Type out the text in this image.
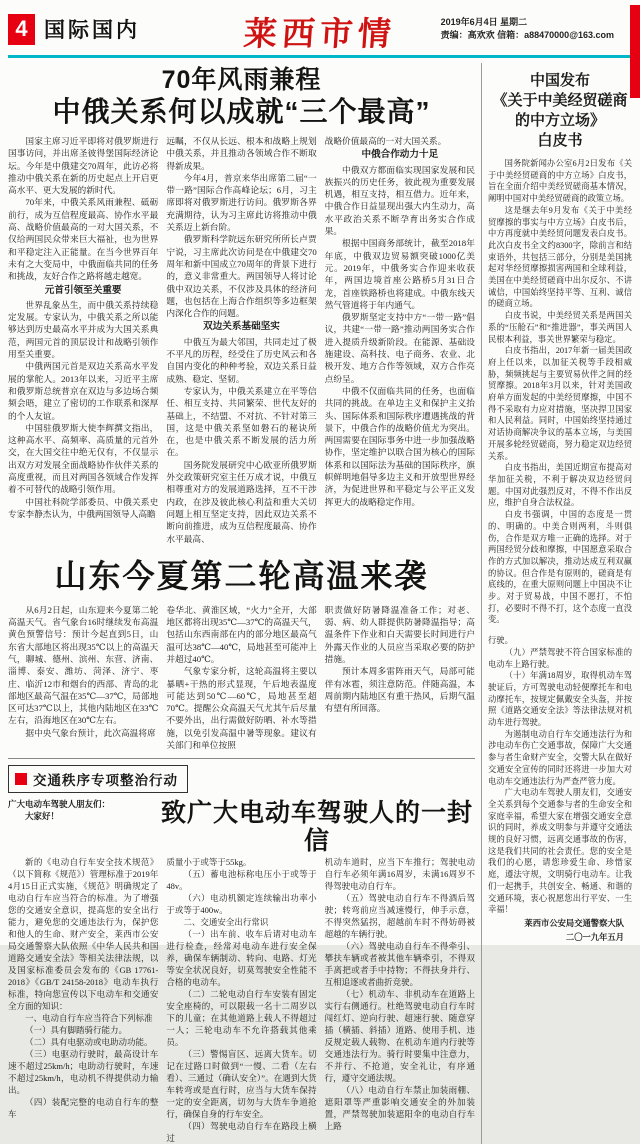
4 国际国内	莱西市情	2019年6月4日 星期二
责编：高欢欢 信箱：a88470000@163.com
70年风雨兼程
中俄关系何以成就“三个最高”

国家主席习近平即将对俄罗斯进行国事访问，并出席圣彼得堡国际经济论坛。今年是中俄建交70周年，此访必将推动中俄关系在新的历史起点上开启更高水平、更大发展的新时代。

70年来，中俄关系风雨兼程、砥砺前行，成为互信程度最高、协作水平最高、战略价值最高的一对大国关系，不仅给两国民众带来巨大福祉，也为世界和平稳定注入正能量。在当今世界百年未有之大变局中，中俄面临共同的任务和挑战，友好合作之路将越走越宽。

元首引领至关重要

世界乱象丛生，而中俄关系持续稳定发展。专家认为，中俄关系之所以能够达到历史最高水平并成为大国关系典范，两国元首的顶层设计和战略引领作用至关重要。

中俄两国元首是双边关系高水平发展的掌舵人。2013年以来，习近平主席和俄罗斯总统普京在双边与多边场合频频会晤，建立了密切的工作联系和深厚的个人友谊。

中国驻俄罗斯大使李辉撰文指出，这种高水平、高频率、高质量的元首外交，在大国交往中绝无仅有，不仅显示出双方对发展全面战略协作伙伴关系的高度重视，而且对两国各领域合作发挥着不可替代的战略引领作用。

中国社科院学部委员、中俄关系史专家李静杰认为，中俄两国领导人高瞻

远瞩，不仅从长远、根本和战略上规划中俄关系，并且推动各领域合作不断取得新成果。

今年4月，普京来华出席第二届“一带一路”国际合作高峰论坛；6月，习主席即将对俄罗斯进行访问。俄罗斯各界充满期待，认为习主席此访将推动中俄关系迈上新台阶。

俄罗斯科学院远东研究所所长卢贾宁说，习主席此次访问是在中俄建交70周年和新中国成立70周年的背景下进行的，意义非常重大。两国领导人将讨论俄中双边关系，不仅涉及具体的经济问题，也包括在上海合作组织等多边框架内深化合作的问题。

双边关系基础坚实

中俄互为最大邻国，共同走过了极不平凡的历程，经受住了历史风云和各自国内变化的种种考验，双边关系日益成熟、稳定、坚韧。

专家认为，中俄关系建立在平等信任、相互支持、共同繁荣、世代友好的基础上，不结盟、不对抗、不针对第三国，这是中俄关系坚如磐石的秘诀所在，也是中俄关系不断发展的活力所在。

国务院发展研究中心欧亚所俄罗斯外交政策研究室主任万成才说，中俄互相尊重对方的发展道路选择，互不干涉内政，在涉及彼此核心利益和重大关切问题上相互坚定支持，因此双边关系不断向前推进，成为互信程度最高、协作水平最高、

战略价值最高的一对大国关系。

中俄合作动力十足

中俄双方都面临实现国家发展和民族振兴的历史任务，彼此视为重要发展机遇，相互支持，相互借力。近年来，中俄合作日益显现出强大内生动力，高水平政治关系不断孕育出务实合作成果。

根据中国商务部统计，截至2018年年底，中俄双边贸易额突破1000亿美元。2019年，中俄务实合作迎来收获年，两国边境首座公路桥5月31日合龙，首座铁路桥也将建成。中俄东线天然气管道将于年内通气。

俄罗斯坚定支持中方“一带一路”倡议，共建“一带一路”推动两国务实合作进入提质升级新阶段。在能源、基础设施建设、高科技、电子商务、农业、北极开发、地方合作等领域，双方合作亮点纷呈。

中俄不仅面临共同的任务，也面临共同的挑战。在单边主义和保护主义抬头、国际体系和国际秩序遭遇挑战的背景下，中俄合作的战略价值尤为突出。两国需要在国际事务中进一步加强战略协作，坚定维护以联合国为核心的国际体系和以国际法为基础的国际秩序，旗帜鲜明地倡导多边主义和开放型世界经济，为促进世界和平稳定与公平正义发挥更大的战略稳定作用。

山东今夏第二轮高温来袭

从6月2日起，山东迎来今夏第二轮高温天气。省气象台16时继续发布高温黄色预警信号：预计今起直到5日，山东省大部地区将出现35℃以上的高温天气，聊城、德州、滨州、东营、济南、淄博、泰安、潍坊、菏泽、济宁、枣庄、临沂12市和烟台的西部、青岛的北部地区最高气温在35℃—37℃，局部地区可达37℃以上，其他内陆地区在33℃左右，沿海地区在30℃左右。

据中央气象台预计，此次高温将席

卷华北、黄淮区域，“火力”全开，大部地区都将出现35℃—37℃的高温天气，包括山东西南部在内的部分地区最高气温可达38℃—40℃，局地甚至可能冲上并超过40℃。

气象专家分析，这轮高温将主要以暴晒+干热的形式显现，午后地表温度可能达到50℃—60℃，局地甚至超70℃。提醒公众高温天气尤其午后尽量不要外出，出行需做好防晒、补水等措施，以免引发高温中暑等现象。建议有关部门和单位按照

职责做好防暑降温准备工作；对老、弱、病、幼人群提供防暑降温指导；高温条件下作业和白天需要长时间进行户外露天作业的人员应当采取必要的防护措施。

预计本周多雷阵雨天气，局部可能伴有冰雹，须注意防范。伴随高温，本周前期内陆地区有重干热风，后期气温有望有所回落。

交通秩序专项整治行动

广大电动车驾驶人朋友们：

大家好！	致广大电动车驾驶人的一封信

新的《电动自行车安全技术规范》（以下简称《规范》）管理标准于2019年4月15日正式实施，《规范》明确规定了电动自行车应当符合的标准。为了增强您的交通安全意识，提高您的安全出行能力，避免您的交通违法行为，保护您和他人的生命、财产安全，莱西市公安局交通警察大队依照《中华人民共和国道路交通安全法》等相关法律法规，以及国家标准委员会发布的《GB 17761-2018》《GB/T 24158-2018》电动车执行标准，特向您宣传以下电动车和交通安全方面的知识：

一、电动自行车应当符合下列标准

（一）具有脚踏骑行能力。

（二）具有电驱动或电助动功能。

（三）电驱动行驶时，最高设计车速不超过25km/h；电助动行驶时，车速不超过25km/h，电动机不得提供动力输出。

（四）装配完整的电动自行车的整车

质量小于或等于55kg。

（五）蓄电池标称电压小于或等于48v。

（六）电动机额定连续输出功率小于或等于400w。

二、交通安全出行常识

（一）出车前、收车后请对电动车进行检查，经常对电动车进行安全保养，确保车辆制动、转向、电路、灯光等安全状况良好，切莫驾驶安全性能不合格的电动车。

（二）二轮电动自行车安装有固定安全座椅的，可以限载一名十二周岁以下的儿童；在其他道路上载人不得超过一人；三轮电动车不允许搭载其他乘员。

（三）警惕盲区、远离大货车。切记在过路口时做到“一慢、二看（左右看）、三通过（确认安全）”。在遇到大货车转弯或是直行时，应当与大货车保持一定的安全距离，切勿与大货车争道抢行，确保自身的行车安全。

（四）驾驶电动自行车在路段上横过

机动车道时，应当下车推行；驾驶电动自行车必须年满16周岁，未满16周岁不得驾驶电动自行车。

（五）驾驶电动自行车不得酒后驾驶；转弯前应当减速慢行，伸手示意，不得突然猛拐，超越前车时不得妨碍被超越的车辆行驶。

（六）驾驶电动自行车不得牵引、攀扶车辆或者被其他车辆牵引，不得双手离把或者手中持物；不得扶身并行、互相追逐或者曲折竞驶。

（七）机动车、非机动车在道路上实行右侧通行。杜绝驾驶电动自行车时闯红灯、逆向行驶、超速行驶、随意穿插（横插、斜插）道路、使用手机、违反规定载人载物、在机动车道内行驶等交通违法行为。骑行时要集中注意力，不并行、不抢道，安全礼让，有序通行，遵守交通法规。

（八）电动自行车禁止加装雨棚、遮阳罩等严重影响交通安全的外加装置，严禁驾驶加装遮阳伞的电动自行车上路

中国发布

《关于中美经贸磋商

的中方立场》

白皮书

国务院新闻办公室6月2日发布《关于中美经贸磋商的中方立场》白皮书，旨在全面介绍中美经贸磋商基本情况，阐明中国对中美经贸磋商的政策立场。

这是继去年9月发布《关于中美经贸摩擦的事实与中方立场》白皮书后，中方再度就中美经贸问题发表白皮书。此次白皮书全文约8300字，除前言和结束语外，共包括三部分，分别是美国挑起对华经贸摩擦损害两国和全球利益，美国在中美经贸磋商中出尔反尔、不讲诚信，中国始终坚持平等、互利、诚信的磋商立场。

白皮书说，中美经贸关系是两国关系的“压舱石”和“推进器”，事关两国人民根本利益，事关世界繁荣与稳定。

白皮书指出，2017年新一届美国政府上任以来，以加征关税等手段相威胁，频频挑起与主要贸易伙伴之间的经贸摩擦。2018年3月以来，针对美国政府单方面发起的中美经贸摩擦，中国不得不采取有力应对措施，坚决捍卫国家和人民利益。同时，中国始终坚持通过对话协商解决争议的基本立场，与美国开展多轮经贸磋商，努力稳定双边经贸关系。

白皮书指出，美国近期宣布提高对华加征关税，不利于解决双边经贸问题。中国对此强烈反对，不得不作出反应，维护自身合法权益。

白皮书强调，中国的态度是一贯的、明确的。中美合则两利，斗则俱伤，合作是双方唯一正确的选择。对于两国经贸分歧和摩擦，中国愿意采取合作的方式加以解决，推动达成互利双赢的协议。但合作是有原则的，磋商是有底线的，在重大原则问题上中国决不让步。对于贸易战，中国不愿打，不怕打，必要时不得不打，这个态度一直没变。

行驶。

（九）严禁驾驶不符合国家标准的电动车上路行驶。

（十）年满18周岁，取得机动车驾驶证后，方可驾驶电动轻便摩托车和电动摩托车，按规定佩戴安全头盔，并按照《道路交通安全法》等法律法规对机动车进行驾驶。

为遏制电动自行车交通违法行为和涉电动车伤亡交通事故，保障广大交通参与者生命财产安全，交警大队在做好交通安全宣传的同时还将进一步加大对电动车交通违法行为严查严管力度。

广大电动车驾驶人朋友们，交通安全关系到每个交通参与者的生命安全和家庭幸福，希望大家在增强交通安全意识的同时，养成文明参与并遵守交通法规的良好习惯，远离交通事故的伤害，这是我们共同的社会责任。您的安全是我们的心愿，请您珍爱生命、珍惜家庭，遵法守规，文明骑行电动车。让我们一起携手，共创安全、畅通、和谐的交通环境，衷心祝愿您出行平安、一生幸福！

莱西市公安局交通警察大队

二〇一九年五月
